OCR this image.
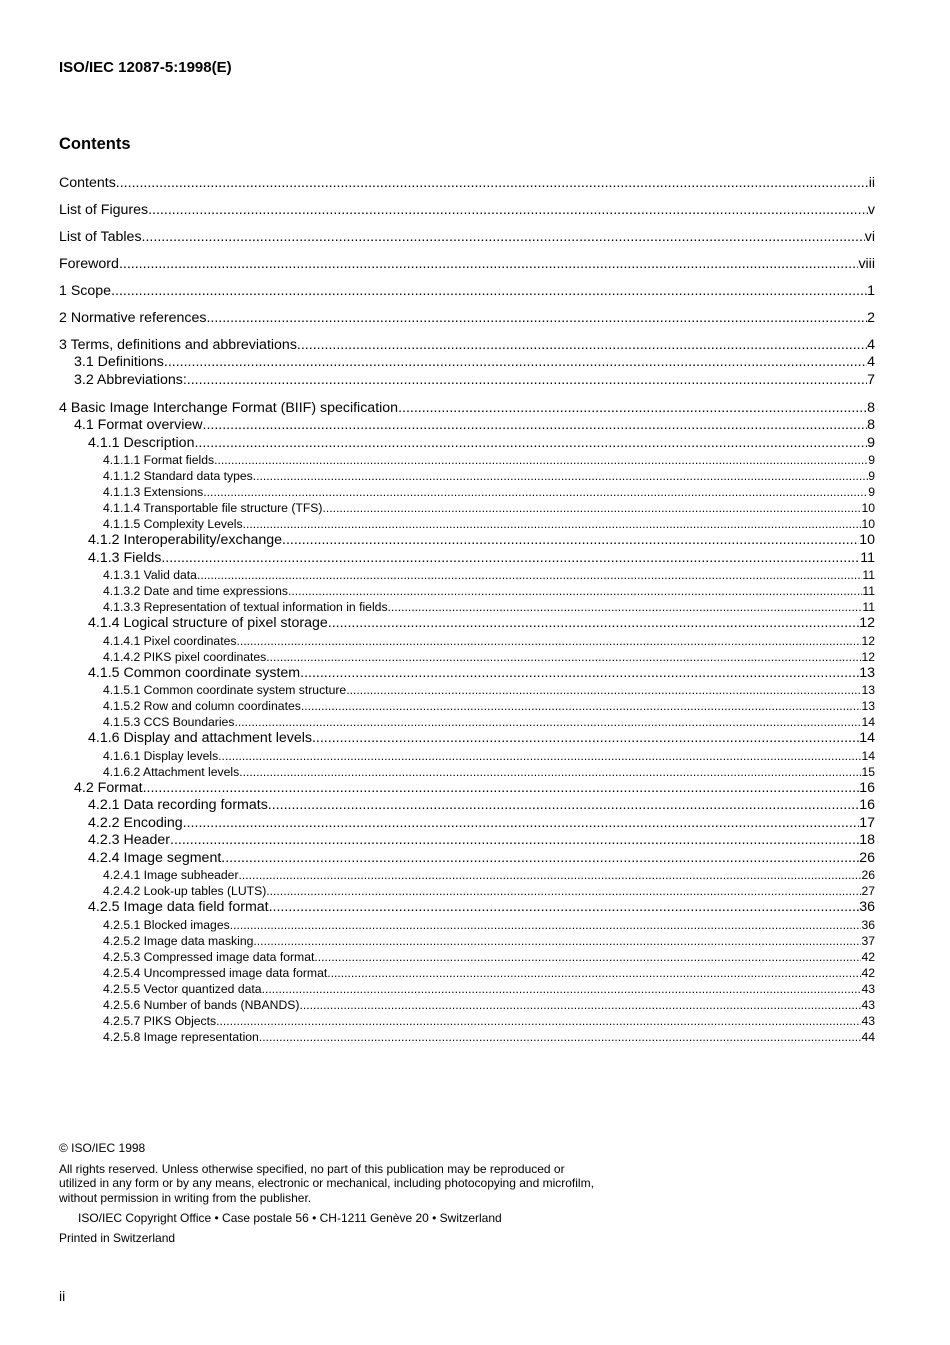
ISO/IEC 12087-5:1998(E)
Contents
Contents .....	ii
List of Figures .....	v
List of Tables .....	vi
Foreword .....	viii
1 Scope .....	1
2 Normative references .....	2
3 Terms, definitions and abbreviations .....	4
3.1 Definitions .....	4
3.2 Abbreviations: .....	7
4 Basic Image Interchange Format (BIIF) specification .....	8
4.1 Format overview .....	8
4.1.1 Description .....	9
4.1.1.1 Format fields .....	9
4.1.1.2 Standard data types .....	9
4.1.1.3 Extensions .....	9
4.1.1.4 Transportable file structure (TFS) .....	10
4.1.1.5 Complexity Levels .....	10
4.1.2 Interoperability/exchange .....	10
4.1.3 Fields .....	11
4.1.3.1 Valid data .....	11
4.1.3.2 Date and time expressions .....	11
4.1.3.3 Representation of textual information in fields .....	11
4.1.4 Logical structure of pixel storage .....	12
4.1.4.1 Pixel coordinates .....	12
4.1.4.2 PIKS pixel coordinates .....	12
4.1.5 Common coordinate system .....	13
4.1.5.1 Common coordinate system structure .....	13
4.1.5.2 Row and column coordinates .....	13
4.1.5.3 CCS Boundaries .....	14
4.1.6 Display and attachment levels .....	14
4.1.6.1 Display levels .....	14
4.1.6.2 Attachment levels .....	15
4.2 Format .....	16
4.2.1 Data recording formats .....	16
4.2.2 Encoding .....	17
4.2.3 Header .....	18
4.2.4 Image segment .....	26
4.2.4.1 Image subheader .....	26
4.2.4.2 Look-up tables (LUTS) .....	27
4.2.5 Image data field format .....	36
4.2.5.1 Blocked images .....	36
4.2.5.2 Image data masking .....	37
4.2.5.3 Compressed image data format .....	42
4.2.5.4 Uncompressed image data format .....	42
4.2.5.5 Vector quantized data .....	43
4.2.5.6 Number of bands (NBANDS) .....	43
4.2.5.7 PIKS Objects .....	43
4.2.5.8 Image representation .....	44
© ISO/IEC 1998
All rights reserved. Unless otherwise specified, no part of this publication may be reproduced or utilized in any form or by any means, electronic or mechanical, including photocopying and microfilm, without permission in writing from the publisher.
ISO/IEC Copyright Office • Case postale 56 • CH-1211 Genève 20 • Switzerland
Printed in Switzerland
ii
